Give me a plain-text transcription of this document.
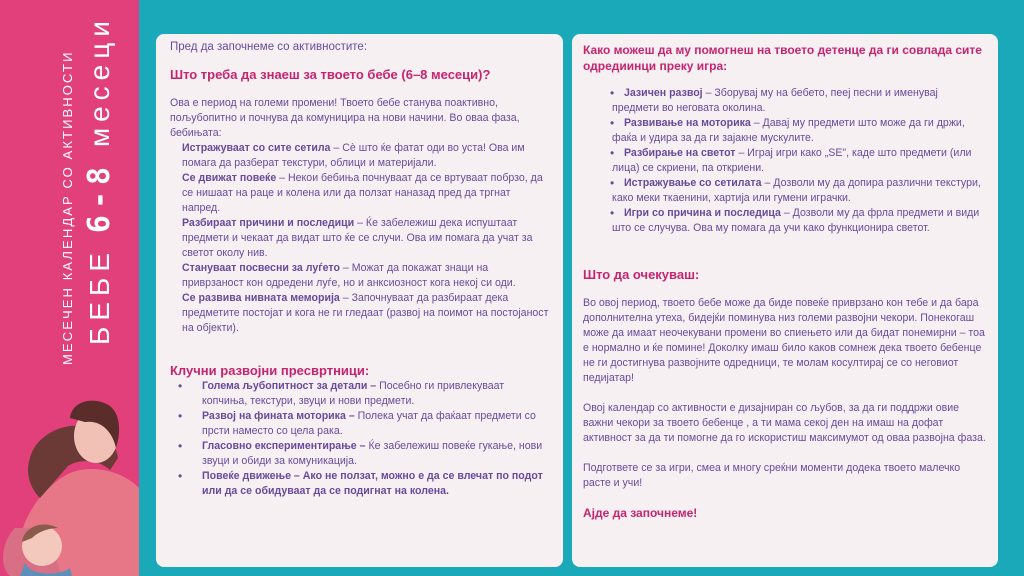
МЕСЕЧЕН КАЛЕНДАР СО АКТИВНОСТИ БЕБЕ 6-8 месеци	Пред да започнеме со активностите:

Што треба да знаеш за твоето бебе (6–8 месеци)?

Ова е период на големи промени! Твоето бебе станува поактивно, пољубопитно и почнува да комуницира на нови начини. Во оваа фаза, бебињата:

Истражуваат со сите сетила – Сè што ќе фатат оди во уста! Ова им помага да разберат текстури, облици и материјали.

Се движат повеќе – Некои бебиња почнуваат да се вртуваат побрзо, да се нишаат на раце и колена или да ползат наназад пред да тргнат напред.

Разбираат причини и последици – Ќе забележиш дека испуштаат предмети и чекаат да видат што ќе се случи. Ова им помага да учат за светот околу нив.

Стануваат посвесни за луѓето – Можат да покажат знаци на приврзаност кон одредени луѓе, но и анксиозност кога некој си оди.

Се развива нивната меморија – Започнуваат да разбираат дека предметите постојат и кога не ги гледаат (развој на поимот на постојаност на објекти).

Клучни развојни пресвртници:

• Голема љубопитност за детали – Посебно ги привлекуваат копчиња, текстури, звуци и нови предмети.
• Развој на фината моторика – Полека учат да фаќаат предмети со прсти наместо со цела рака.
• Гласовно експериментирање – Ќе забележиш повеќе гукање, нови звуци и обиди за комуникација.
• Повеќе движење – Ако не ползат, можно е да се влечат по подот или да се обидуваат да се подигнат на колена.

Како можеш да му помогнеш на твоето детенце да ги совлада сите одредиинци преку игра:

• Јазичен развој – Зборувај му на бебето, пеej песни и именувај предмети во неговата околина.
• Развивање на моторика – Давај му предмети што може да ги држи, фаќа и удира за да ги зајакне мускулите.
• Разбирање на светот – Играј игри како „SE", каде што предмети (или лица) се скриени, па откриени.
• Истражување со сетилата – Дозволи му да допира различни текстури, како меки ткаенини, хартија или гумени играчки.
• Игри со причина и последица – Дозволи му да фрла предмети и види што се случува. Ова му помага да учи како функционира светот.

Што да очекуваш:

Во овој период, твоето бебе може да биде повеќе приврзано кон тебе и да бара дополнителна утеха, бидејќи поминува низ големи развојни чекори. Понекогаш може да имаат неочекувани промени во спиењето или да бидат понемирни – тоа е нормално и ќе помине! Доколку имаш било каков сомнеж дека твоето бебенце не ги достигнува развојните одредници, те молам косултирај се со неговиот педијатар!

Овој календар со активности е дизајниран со љубов, за да ги поддржи овие важни чекори за твоето бебенце , а ти мама секој ден на имаш на дофат активност за да ти помогне да го искористиш максимумот од оваа развојна фаза.

Подгответе се за игри, смеа и многу среќни моменти додека твоето малечко расте и учи!

Ајде да започнеме!
